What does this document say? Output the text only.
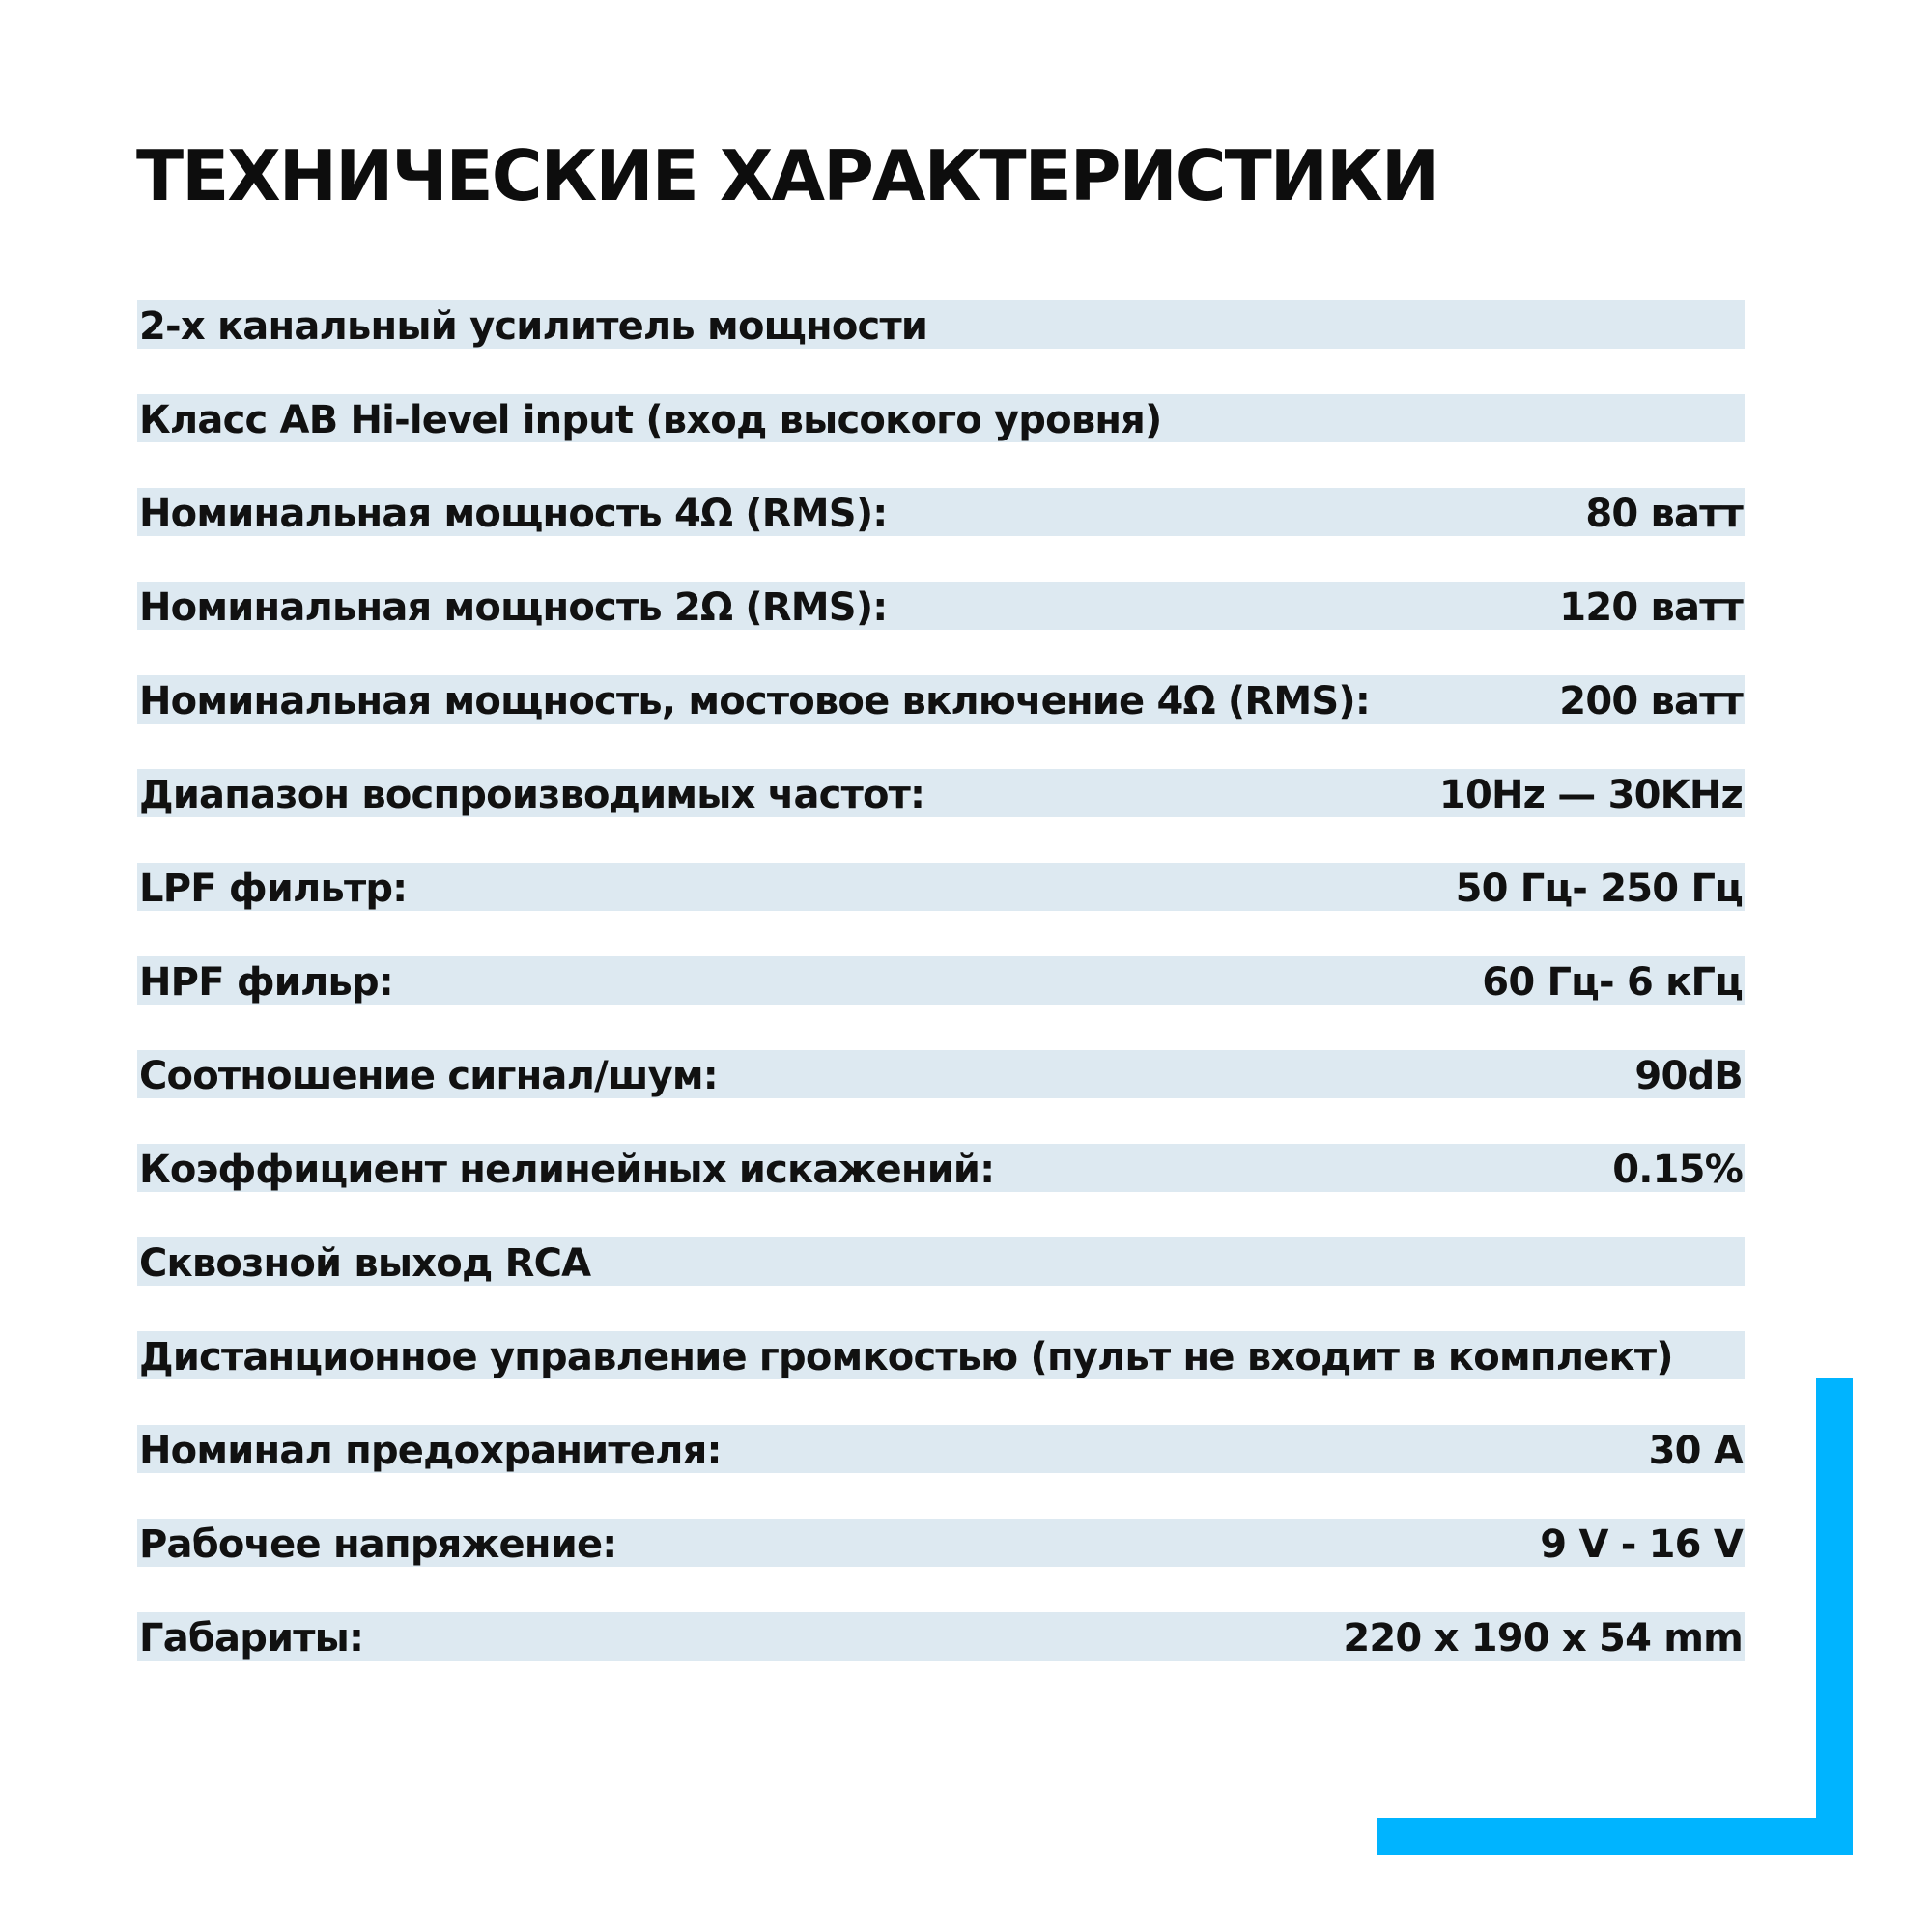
ТЕХНИЧЕСКИЕ ХАРАКТЕРИСТИКИ
2-х канальный усилитель мощности
Класс AB Hi-level input (вход высокого уровня)
Номинальная мощность 4Ω (RMS):	80 ватт
Номинальная мощность 2Ω (RMS):	120 ватт
Номинальная мощность, мостовое включение 4Ω (RMS):	200 ватт
Диапазон воспроизводимых частот:	10Hz — 30KHz
LPF фильтр:	50 Гц- 250 Гц
HPF фильр:	60 Гц- 6 кГц
Соотношение сигнал/шум:	90dB
Коэффициент нелинейных искажений:	0.15%
Сквозной выход RCA
Дистанционное управление громкостью (пульт не входит в комплект)
Номинал предохранителя:	30 A
Рабочее напряжение:	9 V - 16 V
Габариты:	220 x 190 x 54 mm
